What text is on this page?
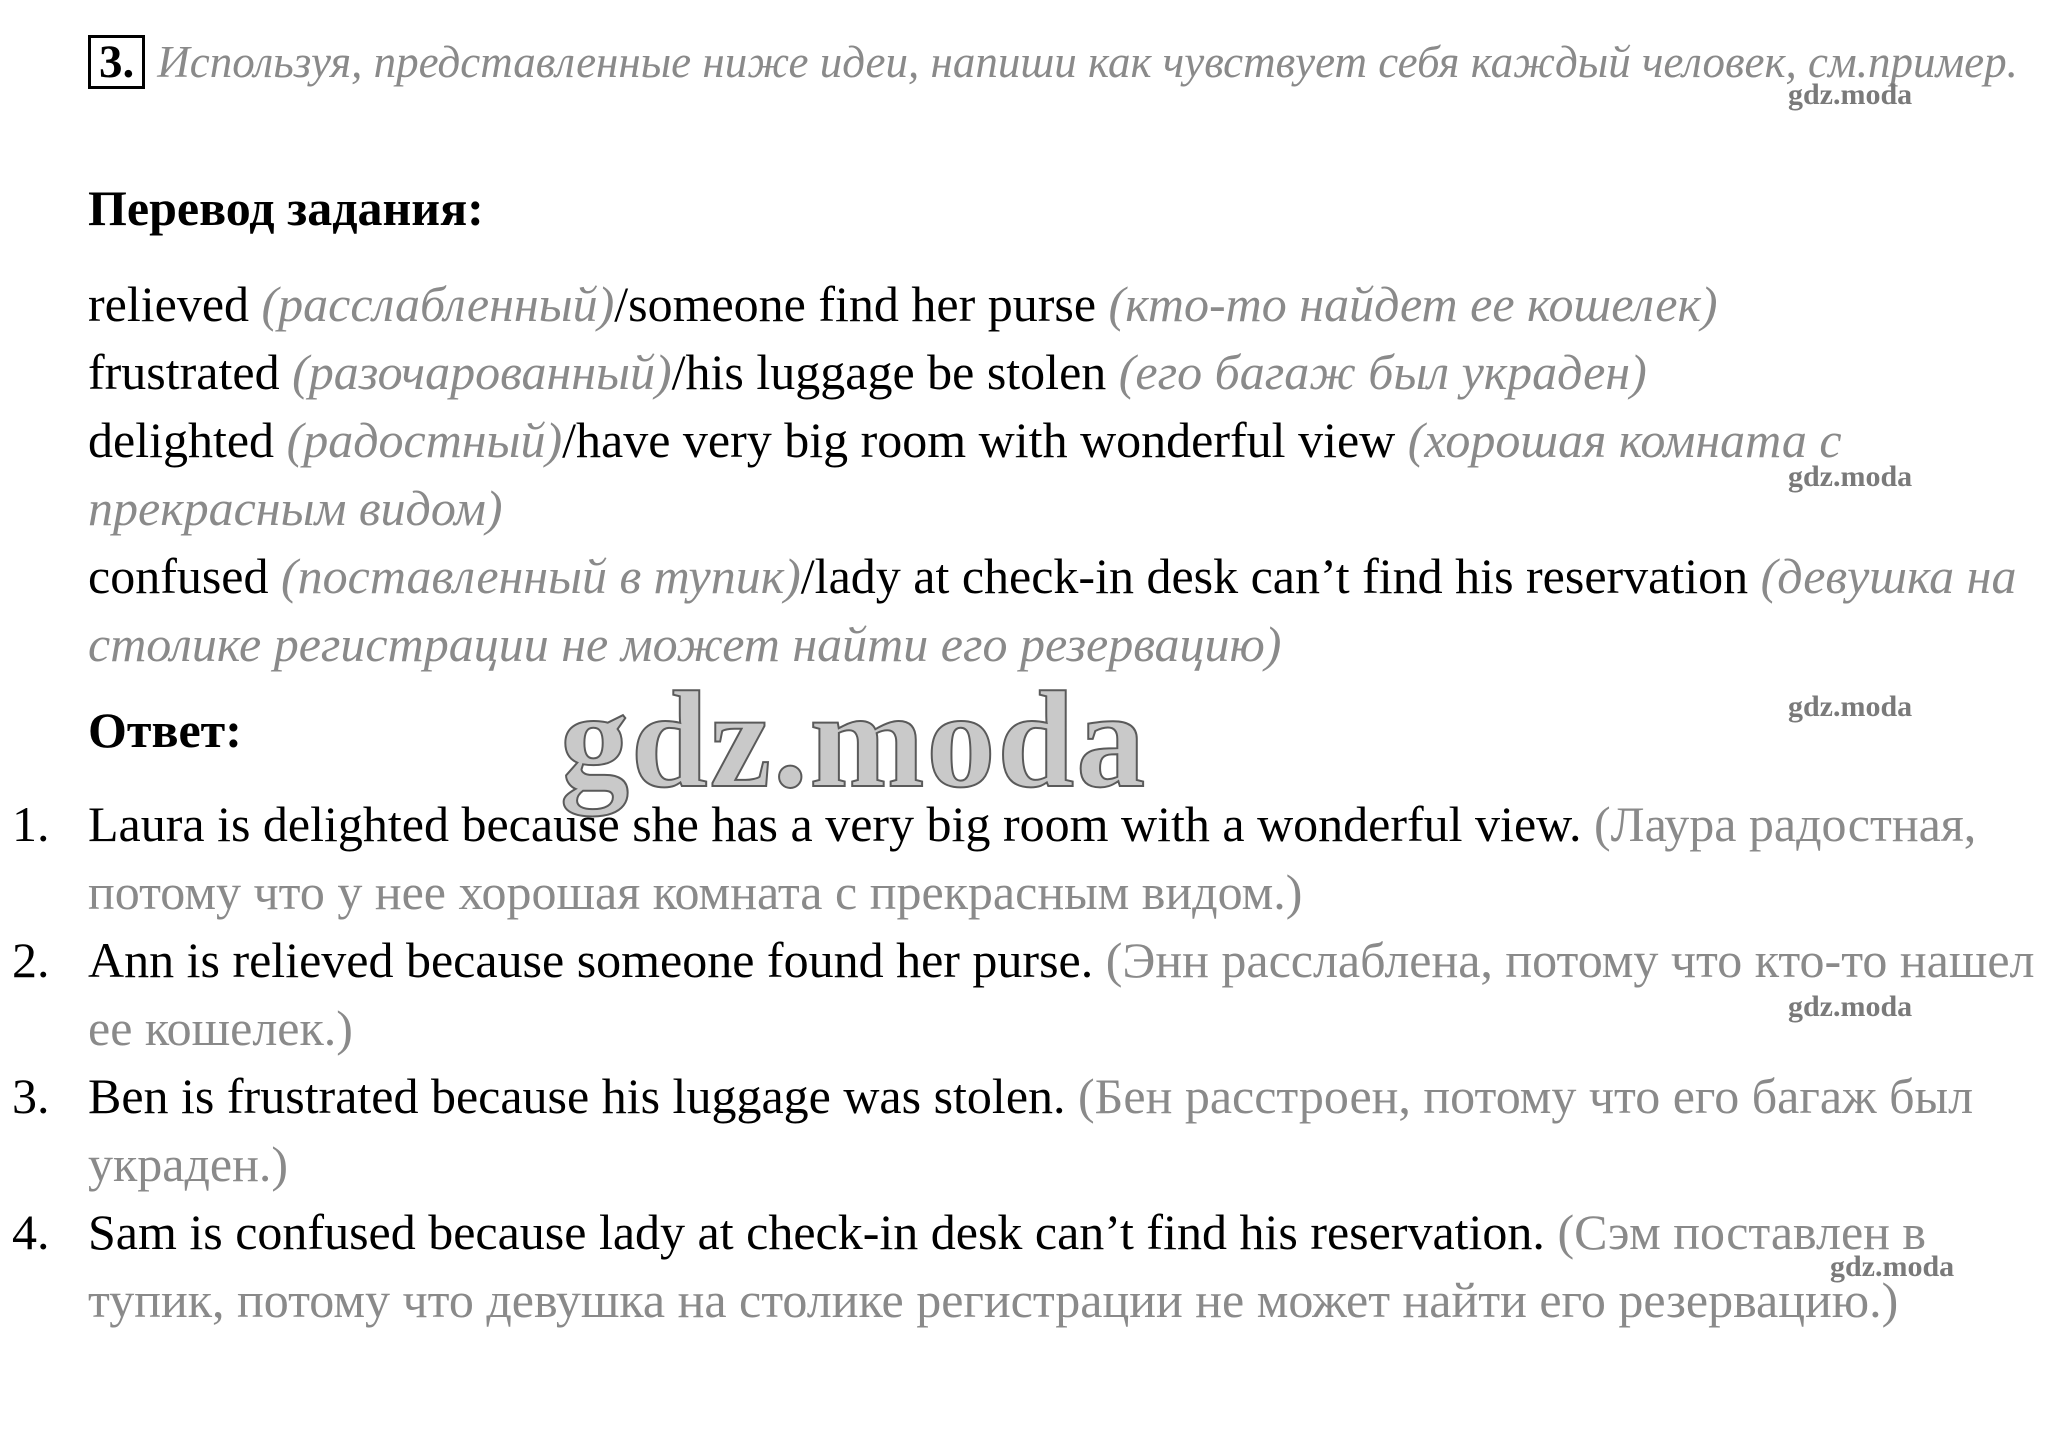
3. Используя, представленные ниже идеи, напиши как чувствует себя каждый человек, см.пример.
Перевод задания:
relieved (расслабленный)/someone find her purse (кто-то найдет ее кошелек)
frustrated (разочарованный)/his luggage be stolen (его багаж был украден)
delighted (радостный)/have very big room with wonderful view (хорошая комната с прекрасным видом)
confused (поставленный в тупик)/lady at check-in desk can’t find his reservation (девушка на столике регистрации не может найти его резервацию)
Ответ:
1. Laura is delighted because she has a very big room with a wonderful view. (Лаура радостная, потому что у нее хорошая комната с прекрасным видом.)
2. Ann is relieved because someone found her purse. (Энн расслаблена, потому что кто-то нашел ее кошелек.)
3. Ben is frustrated because his luggage was stolen. (Бен расстроен, потому что его багаж был украден.)
4. Sam is confused because lady at check-in desk can’t find his reservation. (Сэм поставлен в тупик, потому что девушка на столике регистрации не может найти его резервацию.)
gdz.moda
gdz.moda
gdz.moda
gdz.moda
gdz.moda
gdz.moda
